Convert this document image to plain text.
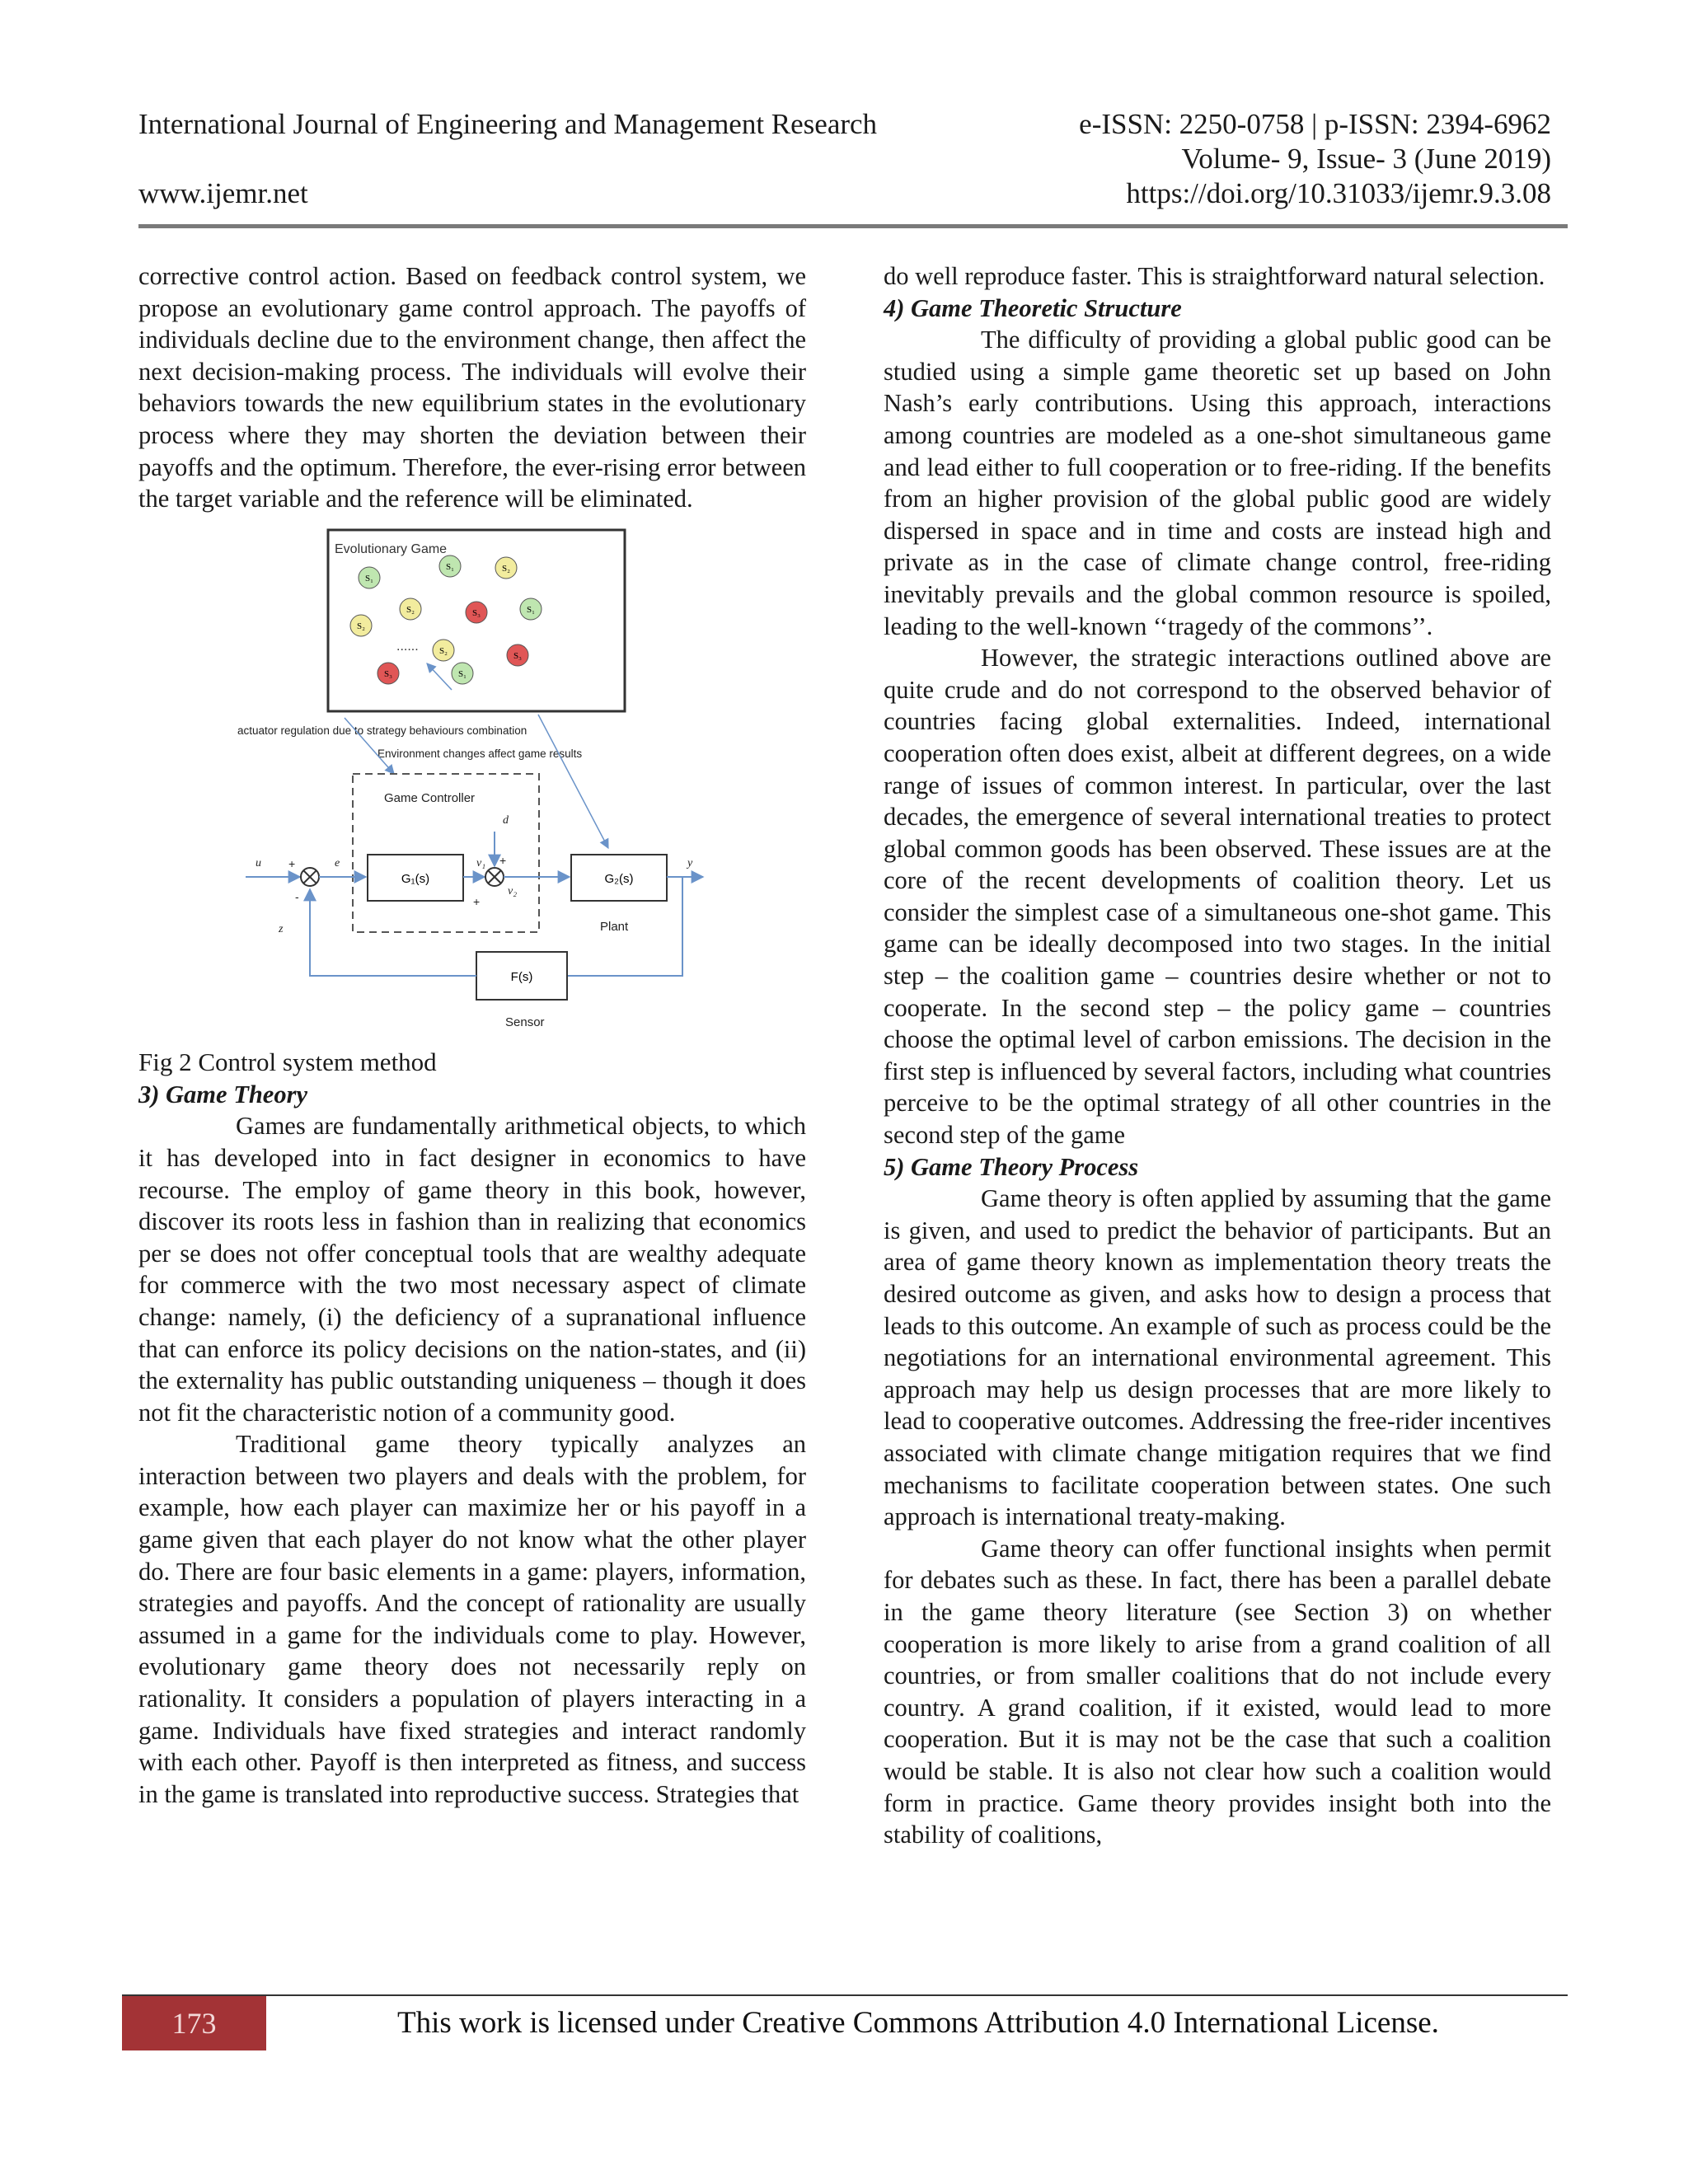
International Journal of Engineering and Management Research	e-ISSN: 2250-0758 | p-ISSN: 2394-6962
Volume- 9, Issue- 3 (June 2019)
www.ijemr.net	https://doi.org/10.31033/ijemr.9.3.08

corrective control action. Based on feedback control system, we propose an evolutionary game control approach. The payoffs of individuals decline due to the environment change, then affect the next decision-making process. The individuals will evolve their behaviors towards the new equilibrium states in the evolutionary process where they may shorten the deviation between their payoffs and the optimum. Therefore, the ever-rising error between the target variable and the reference will be eliminated.

Evolutionary Game
S₁
S₁	S₂
S₂	S₃	S₁
S₂
S₂	S₃
S₃	S₁
......
actuator regulation due to strategy behaviours combination
Environment changes affect game results
Game Controller
G₁(s)	G₂(s)
F(s)
u	e	v₁
d
v₂
y
z
+
-
+
+
Plant
Sensor

Fig 2 Control system method

3) Game Theory

Games are fundamentally arithmetical objects, to which it has developed into in fact designer in economics to have recourse. The employ of game theory in this book, however, discover its roots less in fashion than in realizing that economics per se does not offer conceptual tools that are wealthy adequate for commerce with the two most necessary aspect of climate change: namely, (i) the deficiency of a supranational influence that can enforce its policy decisions on the nation-states, and (ii) the externality has public outstanding uniqueness – though it does not fit the characteristic notion of a community good.

Traditional game theory typically analyzes an interaction between two players and deals with the problem, for example, how each player can maximize her or his payoff in a game given that each player do not know what the other player do. There are four basic elements in a game: players, information, strategies and payoffs. And the concept of rationality are usually assumed in a game for the individuals come to play. However, evolutionary game theory does not necessarily reply on rationality. It considers a population of players interacting in a game. Individuals have fixed strategies and interact randomly with each other. Payoff is then interpreted as fitness, and success in the game is translated into reproductive success. Strategies that

do well reproduce faster. This is straightforward natural selection.

4) Game Theoretic Structure

The difficulty of providing a global public good can be studied using a simple game theoretic set up based on John Nash’s early contributions. Using this approach, interactions among countries are modeled as a one-shot simultaneous game and lead either to full cooperation or to free-riding. If the benefits from an higher provision of the global public good are widely dispersed in space and in time and costs are instead high and private as in the case of climate change control, free-riding inevitably prevails and the global common resource is spoiled, leading to the well-known ‘‘tragedy of the commons’’.

However, the strategic interactions outlined above are quite crude and do not correspond to the observed behavior of countries facing global externalities. Indeed, international cooperation often does exist, albeit at different degrees, on a wide range of issues of common interest. In particular, over the last decades, the emergence of several international treaties to protect global common goods has been observed. These issues are at the core of the recent developments of coalition theory. Let us consider the simplest case of a simultaneous one-shot game. This game can be ideally decomposed into two stages. In the initial step – the coalition game – countries desire whether or not to cooperate. In the second step – the policy game – countries choose the optimal level of carbon emissions. The decision in the first step is influenced by several factors, including what countries perceive to be the optimal strategy of all other countries in the second step of the game

5) Game Theory Process

Game theory is often applied by assuming that the game is given, and used to predict the behavior of participants. But an area of game theory known as implementation theory treats the desired outcome as given, and asks how to design a process that leads to this outcome. An example of such as process could be the negotiations for an international environmental agreement. This approach may help us design processes that are more likely to lead to cooperative outcomes. Addressing the free-rider incentives associated with climate change mitigation requires that we find mechanisms to facilitate cooperation between states. One such approach is international treaty-making.

Game theory can offer functional insights when permit for debates such as these. In fact, there has been a parallel debate in the game theory literature (see Section 3) on whether cooperation is more likely to arise from a grand coalition of all countries, or from smaller coalitions that do not include every country. A grand coalition, if it existed, would lead to more cooperation. But it is may not be the case that such a coalition would be stable. It is also not clear how such a coalition would form in practice. Game theory provides insight both into the stability of coalitions,

173	This work is licensed under Creative Commons Attribution 4.0 International License.
